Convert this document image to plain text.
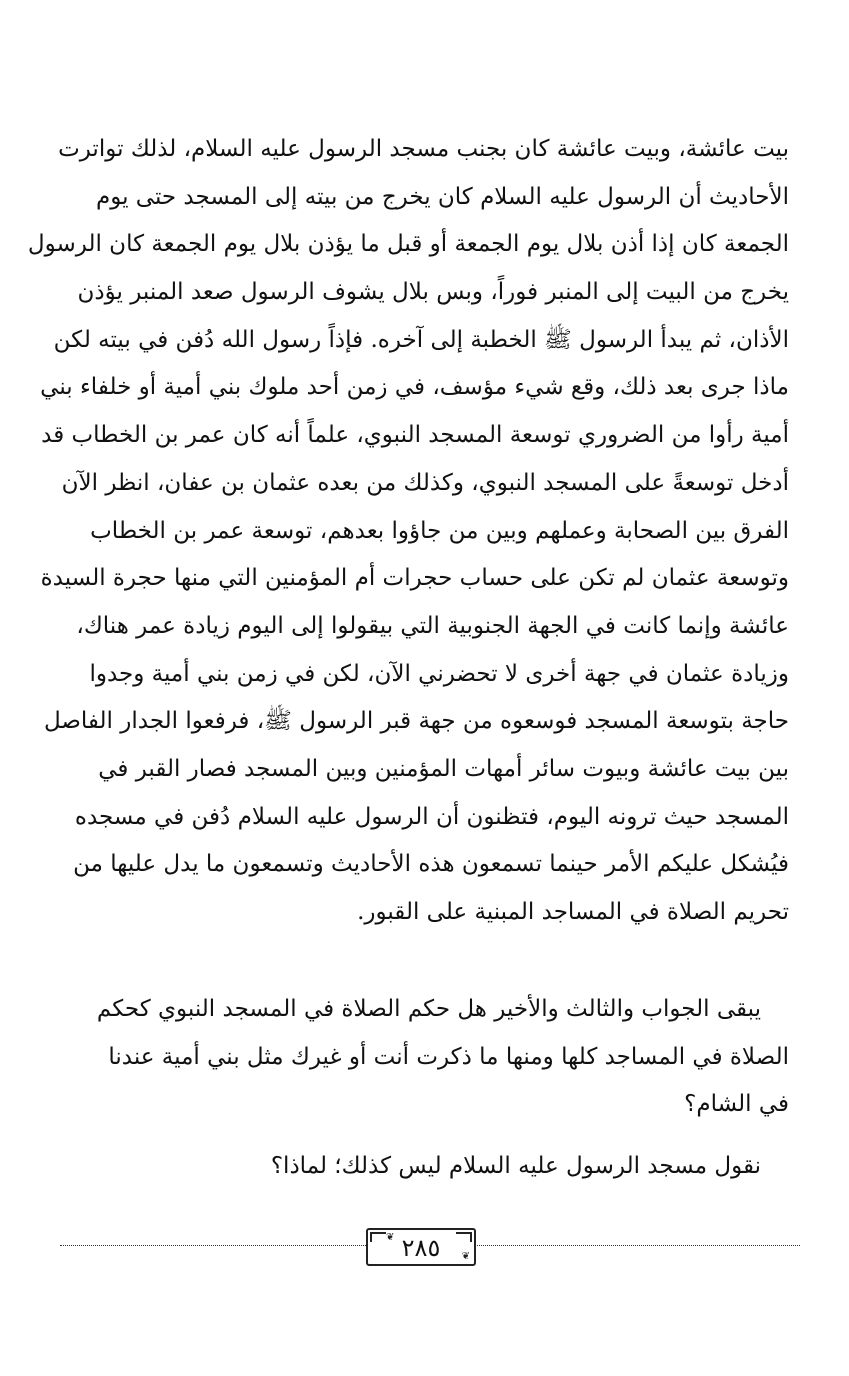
بيت عائشة، وبيت عائشة كان بجنب مسجد الرسول عليه السلام، لذلك تواترت
الأحاديث أن الرسول عليه السلام كان يخرج من بيته إلى المسجد حتى يوم
الجمعة كان إذا أذن بلال يوم الجمعة أو قبل ما يؤذن بلال يوم الجمعة كان الرسول
يخرج من البيت إلى المنبر فوراً، وبس بلال يشوف الرسول صعد المنبر يؤذن
الأذان، ثم يبدأ الرسول ﷺ الخطبة إلى آخره. فإذاً رسول الله دُفن في بيته لكن
ماذا جرى بعد ذلك، وقع شيء مؤسف، في زمن أحد ملوك بني أمية أو خلفاء بني
أمية رأوا من الضروري توسعة المسجد النبوي، علماً أنه كان عمر بن الخطاب قد
أدخل توسعةً على المسجد النبوي، وكذلك من بعده عثمان بن عفان، انظر الآن
الفرق بين الصحابة وعملهم وبين من جاؤوا بعدهم، توسعة عمر بن الخطاب
وتوسعة عثمان لم تكن على حساب حجرات أم المؤمنين التي منها حجرة السيدة
عائشة وإنما كانت في الجهة الجنوبية التي بيقولوا إلى اليوم زيادة عمر هناك،
وزيادة عثمان في جهة أخرى لا تحضرني الآن، لكن في زمن بني أمية وجدوا
حاجة بتوسعة المسجد فوسعوه من جهة قبر الرسول ﷺ، فرفعوا الجدار الفاصل
بين بيت عائشة وبيوت سائر أمهات المؤمنين وبين المسجد فصار القبر في
المسجد حيث ترونه اليوم، فتظنون أن الرسول عليه السلام دُفن في مسجده
فيُشكل عليكم الأمر حينما تسمعون هذه الأحاديث وتسمعون ما يدل عليها من
تحريم الصلاة في المساجد المبنية على القبور.
يبقى الجواب والثالث والأخير هل حكم الصلاة في المسجد النبوي كحكم
الصلاة في المساجد كلها ومنها ما ذكرت أنت أو غيرك مثل بني أمية عندنا
في الشام؟
نقول مسجد الرسول عليه السلام ليس كذلك؛ لماذا؟
❦ ٢٨٥	❦
